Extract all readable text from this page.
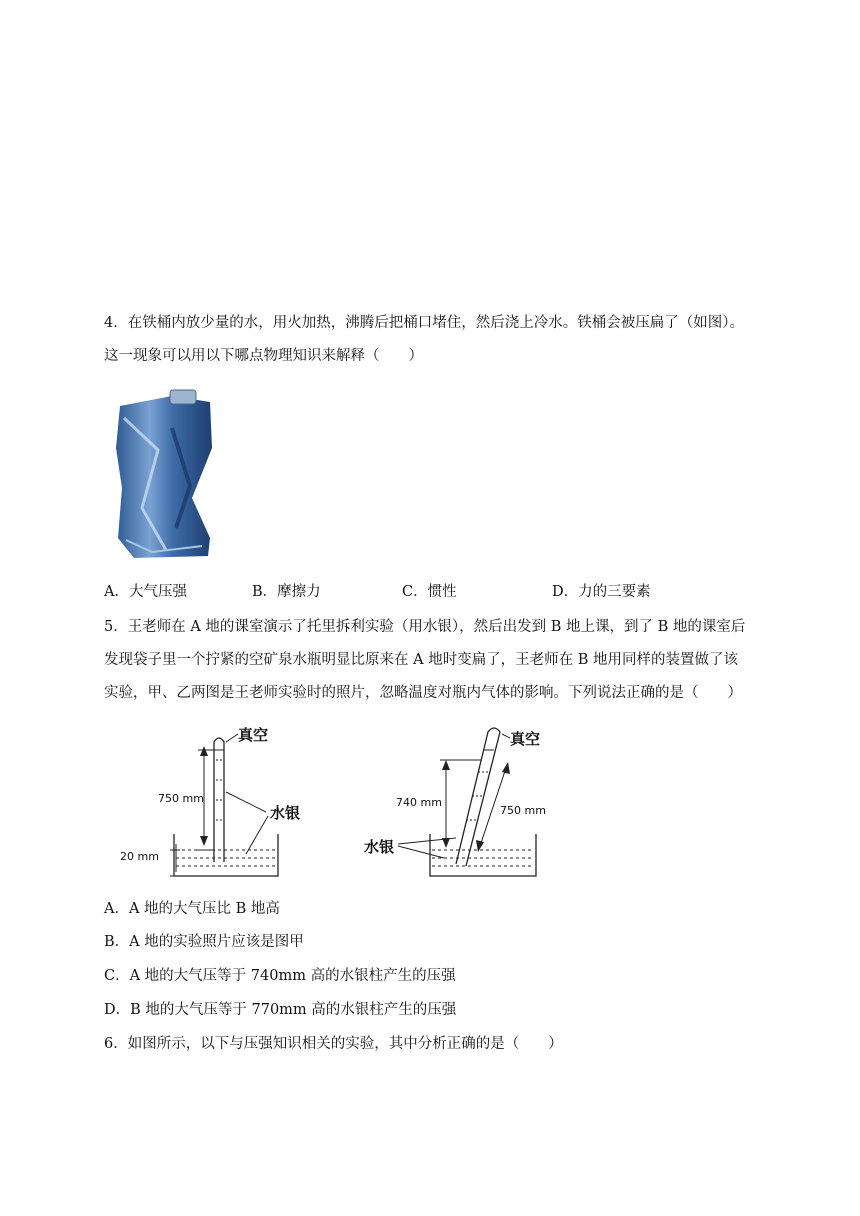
4．在铁桶内放少量的水，用火加热，沸腾后把桶口堵住，然后浇上冷水。铁桶会被压扁了（如图）。
这一现象可以用以下哪点物理知识来解释（　　）
A．大气压强	B．摩擦力	C．惯性	D．力的三要素
5．王老师在 A 地的课室演示了托里拆利实验（用水银），然后出发到 B 地上课，到了 B 地的课室后
发现袋子里一个拧紧的空矿泉水瓶明显比原来在 A 地时变扁了，王老师在 B 地用同样的装置做了该
实验，甲、乙两图是王老师实验时的照片，忽略温度对瓶内气体的影响。下列说法正确的是（　　）
真空
水银
750 mm
20 mm
真空
水银
740 mm
750 mm
A．A 地的大气压比 B 地高
B．A 地的实验照片应该是图甲
C．A 地的大气压等于 740mm 高的水银柱产生的压强
D．B 地的大气压等于 770mm 高的水银柱产生的压强
6．如图所示，以下与压强知识相关的实验，其中分析正确的是（　　）
